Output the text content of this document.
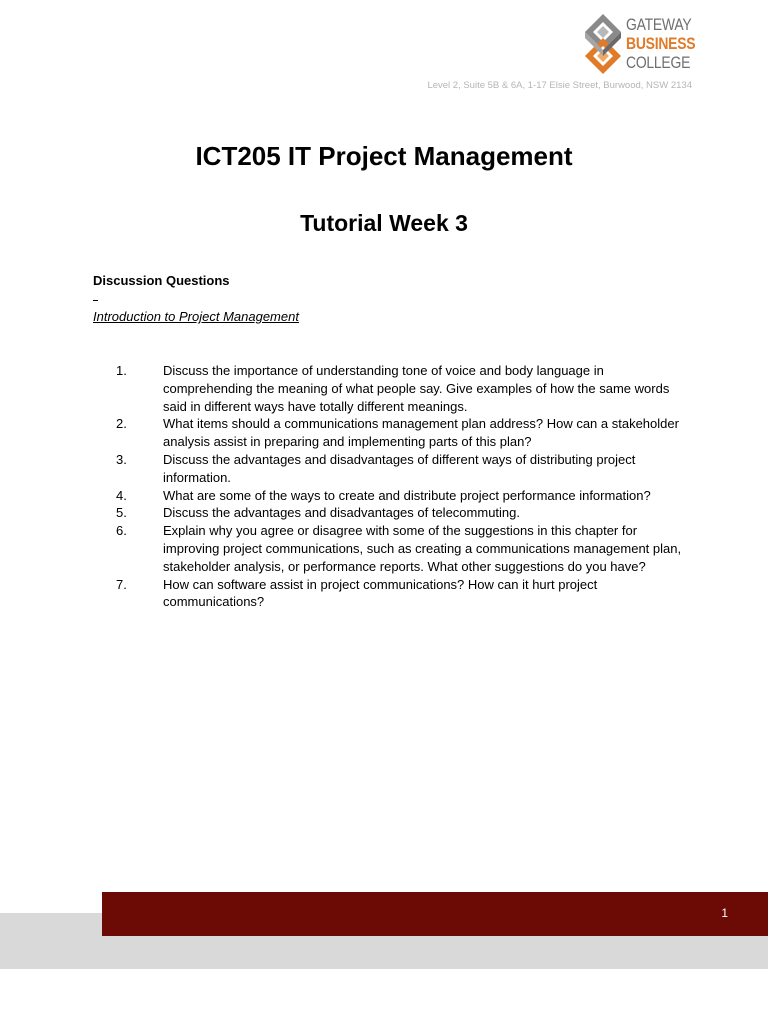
GATEWAY
BUSINESS
COLLEGE
Level 2, Suite 5B & 6A, 1-17 Elsie Street, Burwood, NSW 2134
ICT205 IT Project Management
Tutorial Week 3
Discussion Questions
Introduction to Project Management
1.	Discuss the importance of understanding tone of voice and body language in comprehending the meaning of what people say. Give examples of how the same words said in different ways have totally different meanings.
2.	What items should a communications management plan address? How can a stakeholder analysis assist in preparing and implementing parts of this plan?
3.	Discuss the advantages and disadvantages of different ways of distributing project information.
4.	What are some of the ways to create and distribute project performance information?
5.	Discuss the advantages and disadvantages of telecommuting.
6.	Explain why you agree or disagree with some of the suggestions in this chapter for improving project communications, such as creating a communications management plan, stakeholder analysis, or performance reports. What other suggestions do you have?
7.	How can software assist in project communications? How can it hurt project communications?
1
